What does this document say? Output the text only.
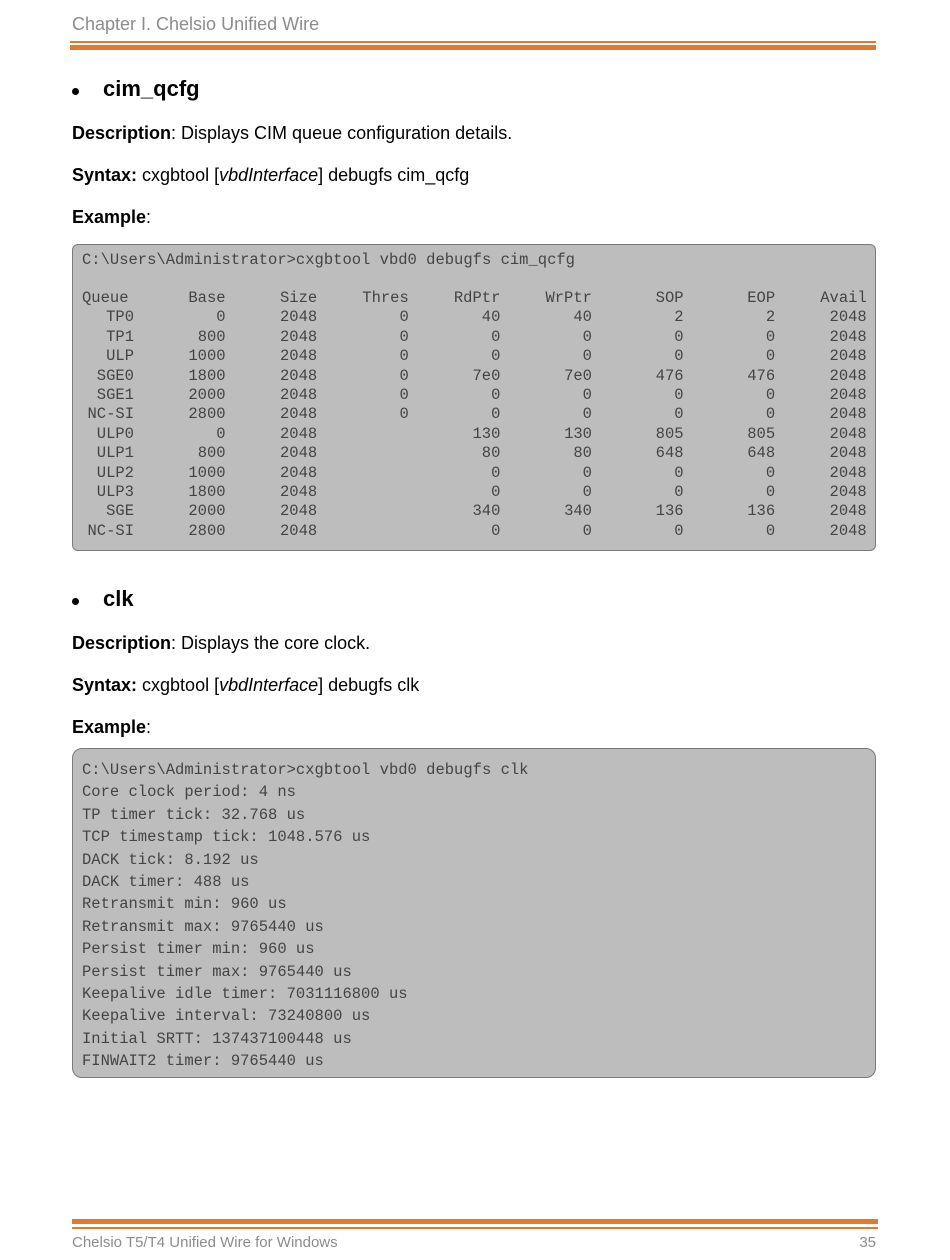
Chapter I. Chelsio Unified Wire
cim_qcfg
Description: Displays CIM queue configuration details.
Syntax: cxgbtool [vbdInterface] debugfs cim_qcfg
Example:
C:\Users\Administrator>cxgbtool vbd0 debugfs cim_qcfg
Queue	Base	Size	Thres	RdPtr	WrPtr	SOP	EOP	Avail
TP0	0	2048	0	40	40	2	2	2048
TP1	800	2048	0	0	0	0	0	2048
ULP	1000	2048	0	0	0	0	0	2048
SGE0	1800	2048	0	7e0	7e0	476	476	2048
SGE1	2000	2048	0	0	0	0	0	2048
NC-SI	2800	2048	0	0	0	0	0	2048
ULP0	0	2048		130	130	805	805	2048
ULP1	800	2048		80	80	648	648	2048
ULP2	1000	2048		0	0	0	0	2048
ULP3	1800	2048		0	0	0	0	2048
SGE	2000	2048		340	340	136	136	2048
NC-SI	2800	2048		0	0	0	0	2048
clk
Description: Displays the core clock.
Syntax: cxgbtool [vbdInterface] debugfs clk
Example:
C:\Users\Administrator>cxgbtool vbd0 debugfs clk
Core clock period: 4 ns
TP timer tick: 32.768 us
TCP timestamp tick: 1048.576 us
DACK tick: 8.192 us
DACK timer: 488 us
Retransmit min: 960 us
Retransmit max: 9765440 us
Persist timer min: 960 us
Persist timer max: 9765440 us
Keepalive idle timer: 7031116800 us
Keepalive interval: 73240800 us
Initial SRTT: 137437100448 us
FINWAIT2 timer: 9765440 us
Chelsio T5/T4 Unified Wire for Windows	35
